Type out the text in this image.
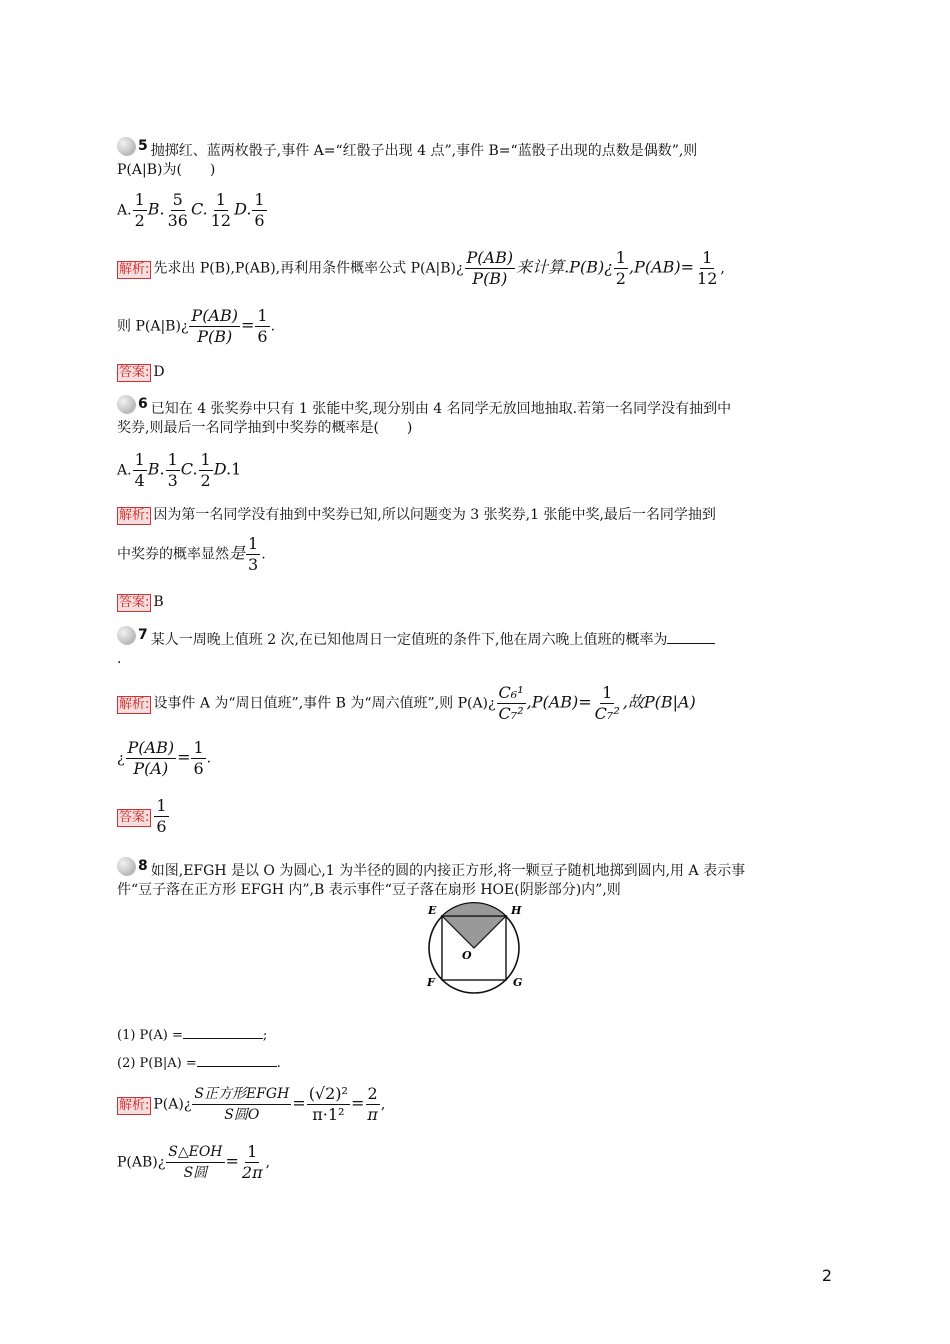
5 抛掷红、蓝两枚骰子,事件 A=“红骰子出现 4 点”,事件 B=“蓝骰子出现的点数是偶数”,则
P(A|B)为(　　)
A. $\frac{1}{2} B$. $\frac{5}{36} C$. $\frac{1}{12} D$. $\frac{1}{6}$
解析: 先求出 P(B),P(AB),再利用条件概率公式 P(A|B)¿ $\frac{P(AB)}{P(B)}$ 来计算.P(B)¿ $\frac{1}{2} ,P(AB)= \frac{1}{12}$ ,
则 P(A|B)¿ $\frac{P(AB)}{P(B)} = \frac{1}{6}$ .
答案: D
6 已知在 4 张奖券中只有 1 张能中奖,现分别由 4 名同学无放回地抽取.若第一名同学没有抽到中
奖券,则最后一名同学抽到中奖券的概率是(　　)
A. $\frac{1}{4} B$. $\frac{1}{3} C$. $\frac{1}{2} D.1$
解析: 因为第一名同学没有抽到中奖券已知,所以问题变为 3 张奖券,1 张能中奖,最后一名同学抽到
中奖券的概率显然是 $\frac{1}{3}$ .
答案: B
7 某人一周晚上值班 2 次,在已知他周日一定值班的条件下,他在周六晚上值班的概率为
.
解析: 设事件 A 为“周日值班”,事件 B 为“周六值班”,则 P(A)¿ $\frac{\text{C₆¹}}{\text{C₇²}} ,P(AB)= \frac{1}{\text{C₇²}}$ ,故P(B|A)
¿ $\frac{P(AB)}{P(A)} = \frac{1}{6}$ .
答案: $\frac{1}{6}$
8 如图,EFGH 是以 O 为圆心,1 为半径的圆的内接正方形,将一颗豆子随机地掷到圆内,用 A 表示事
件“豆子落在正方形 EFGH 内”,B 表示事件“豆子落在扇形 HOE(阴影部分)内”,则
E	H
O
F	G
(1) P(A) =	;
(2) P(B|A) =	.
解析: P(A)¿ $\frac{\text{S正方形EFGH}}{\text{S圆O}} = \frac{\text{(√2)²}}{\text{π·1²}} = \frac{2}{\pi}$ ,
P(AB)¿ $\frac{\text{S△EOH}}{\text{S圆}} = \frac{1}{2\pi}$ ,
2
